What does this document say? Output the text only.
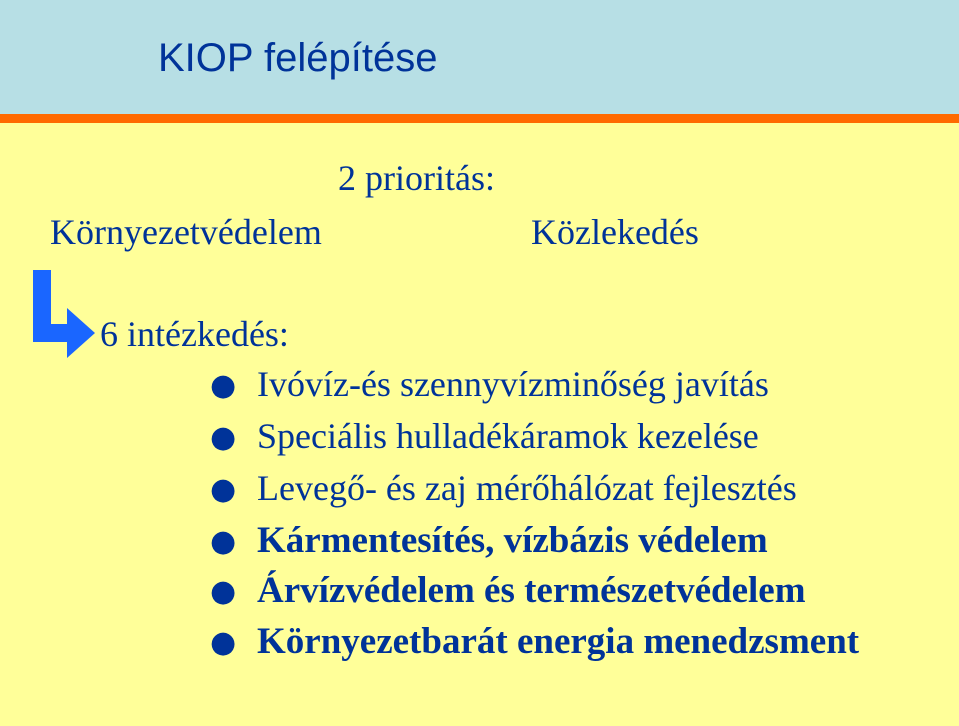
KIOP felépítése
2 prioritás:
Környezetvédelem	Közlekedés
6 intézkedés:
● Ivóvíz-és szennyvízminőség javítás
● Speciális hulladékáramok kezelése
● Levegő- és zaj mérőhálózat fejlesztés
● Kármentesítés, vízbázis védelem
● Árvízvédelem és természetvédelem
● Környezetbarát energia menedzsment
